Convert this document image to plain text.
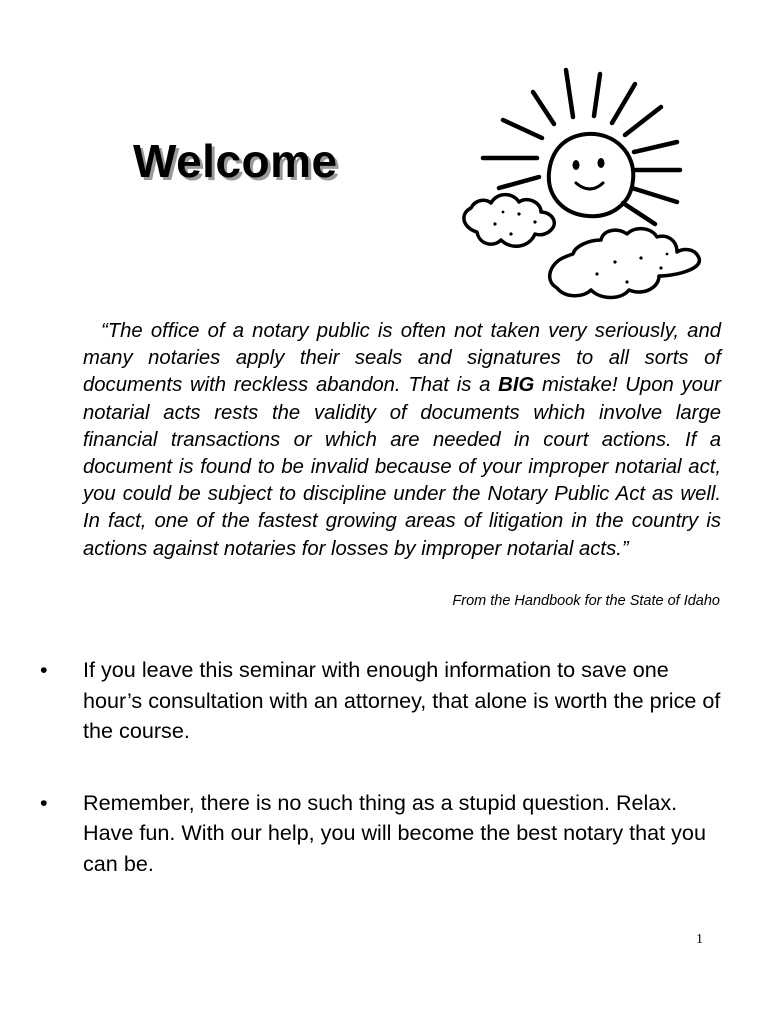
Welcome

“The office of a notary public is often not taken very seriously, and many notaries apply their seals and signatures to all sorts of documents with reckless abandon. That is a BIG mistake! Upon your notarial acts rests the validity of documents which involve large financial transactions or which are needed in court actions. If a document is found to be invalid because of your improper notarial act, you could be subject to discipline under the Notary Public Act as well. In fact, one of the fastest growing areas of litigation in the country is actions against notaries for losses by improper notarial acts.”

From the Handbook for the State of Idaho

•	If you leave this seminar with enough information to save one hour’s consultation with an attorney, that alone is worth the price of the course.
•	Remember, there is no such thing as a stupid question. Relax. Have fun. With our help, you will become the best notary that you can be.

1
